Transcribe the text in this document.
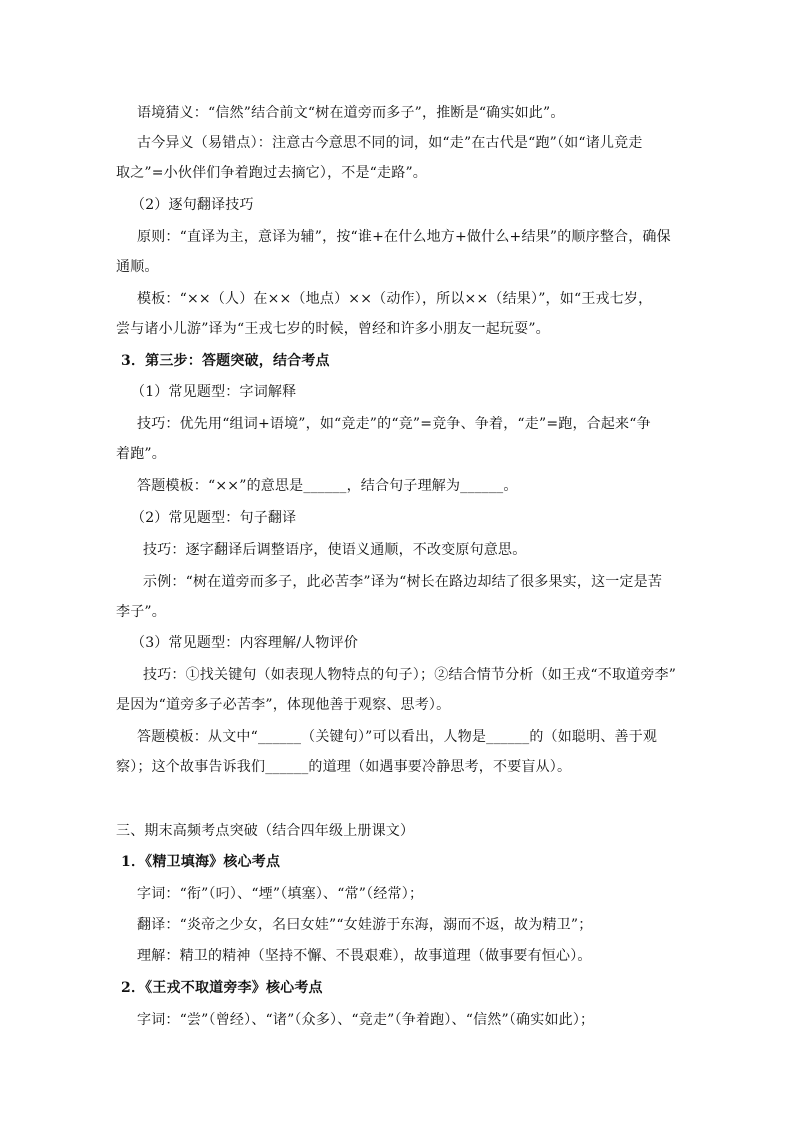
语境猜义：“信然”结合前文“树在道旁而多子”，推断是“确实如此”。
古今异义（易错点）：注意古今意思不同的词，如“走”在古代是“跑”（如“诸儿竞走
取之”=小伙伴们争着跑过去摘它），不是“走路”。
（2）逐句翻译技巧
原则：“直译为主，意译为辅”，按“谁+在什么地方+做什么+结果”的顺序整合，确保
通顺。
模板：“××（人）在××（地点）××（动作），所以××（结果）”，如“王戎七岁，
尝与诸小儿游”译为“王戎七岁的时候，曾经和许多小朋友一起玩耍”。
3．第三步：答题突破，结合考点
（1）常见题型：字词解释
技巧：优先用“组词+语境”，如“竞走”的“竞”=竞争、争着，“走”=跑，合起来“争
着跑”。
答题模板：“××”的意思是______，结合句子理解为______。
（2）常见题型：句子翻译
技巧：逐字翻译后调整语序，使语义通顺，不改变原句意思。
示例：“树在道旁而多子，此必苦李”译为“树长在路边却结了很多果实，这一定是苦
李子”。
（3）常见题型：内容理解/人物评价
技巧：①找关键句（如表现人物特点的句子）；②结合情节分析（如王戎“不取道旁李”
是因为“道旁多子必苦李”，体现他善于观察、思考）。
答题模板：从文中“______（关键句）”可以看出，人物是______的（如聪明、善于观
察）；这个故事告诉我们______的道理（如遇事要冷静思考，不要盲从）。
三、期末高频考点突破（结合四年级上册课文）
1．《精卫填海》核心考点
字词：“衔”（叼）、“堙”（填塞）、“常”（经常）；
翻译：“炎帝之少女，名曰女娃”“女娃游于东海，溺而不返，故为精卫”；
理解：精卫的精神（坚持不懈、不畏艰难），故事道理（做事要有恒心）。
2．《王戎不取道旁李》核心考点
字词：“尝”（曾经）、“诸”（众多）、“竞走”（争着跑）、“信然”（确实如此）；
